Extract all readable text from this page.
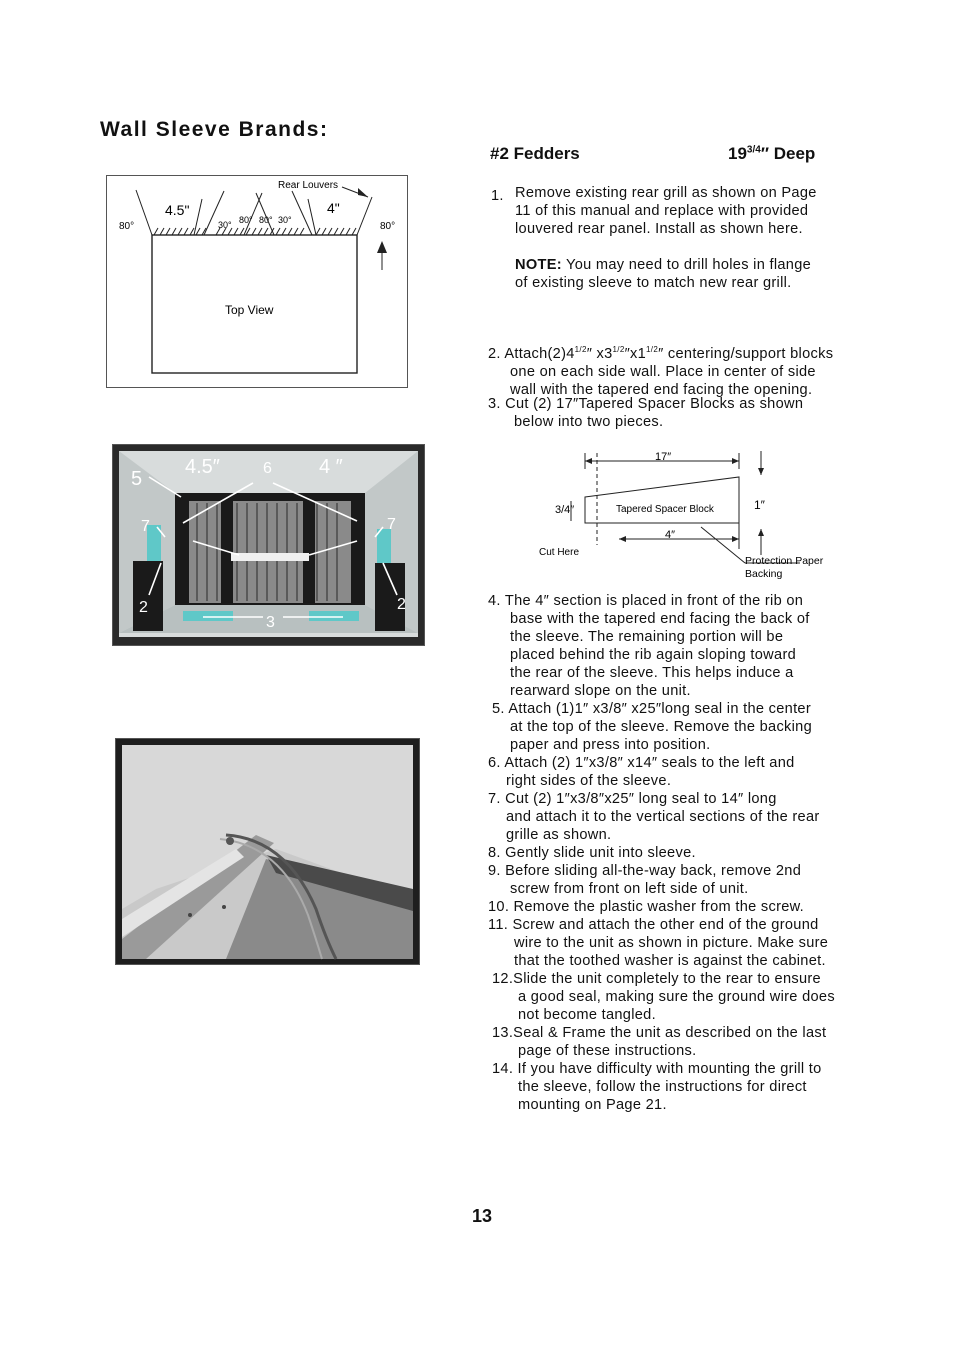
Wall Sleeve Brands:
#2 Fedders	$19^{3/4}''$ Deep
Rear Louvers
4.5"	4"
80°	80°
30° 80° 80° 30°
Top View
5
4.5″	6 4 ″
7	7
2	2
3
1. Remove existing rear grill as shown on Page
11 of this manual and replace with provided
louvered rear panel. Install as shown here.
NOTE: You may need to drill holes in flange
of existing sleeve to match new rear grill.
2. $Attach(2)4^{1/2}''$ $x3^{1/2}''x1^{1/2}''$ centering/support blocks
one on each side wall. Place in center of side
wall with the tapered end facing the opening.
3. Cut (2) 17″Tapered Spacer Blocks as shown
below into two pieces.
17″
3/4″	1″
Tapered Spacer Block
4″
Cut Here
Protection Paper
Backing
4. The 4″ section is placed in front of the rib on
base with the tapered end facing the back of
the sleeve. The remaining portion will be
placed behind the rib again sloping toward
the rear of the sleeve. This helps induce a
rearward slope on the unit.
5. Attach (1)1″ x3/8″ x25″long seal in the center
at the top of the sleeve. Remove the backing
paper and press into position.
6. Attach (2) 1″x3/8″ x14″ seals to the left and
right sides of the sleeve.
7. Cut (2) 1″x3/8″x25″ long seal to 14″ long
and attach it to the vertical sections of the rear
grille as shown.
8. Gently slide unit into sleeve.
9. Before sliding all-the-way back, remove 2nd
screw from front on left side of unit.
10. Remove the plastic washer from the screw.
11. Screw and attach the other end of the ground
wire to the unit as shown in picture. Make sure
that the toothed washer is against the cabinet.
12.Slide the unit completely to the rear to ensure
a good seal, making sure the ground wire does
not become tangled.
13.Seal & Frame the unit as described on the last
page of these instructions.
14. If you have difficulty with mounting the grill to
the sleeve, follow the instructions for direct
mounting on Page 21.
13
